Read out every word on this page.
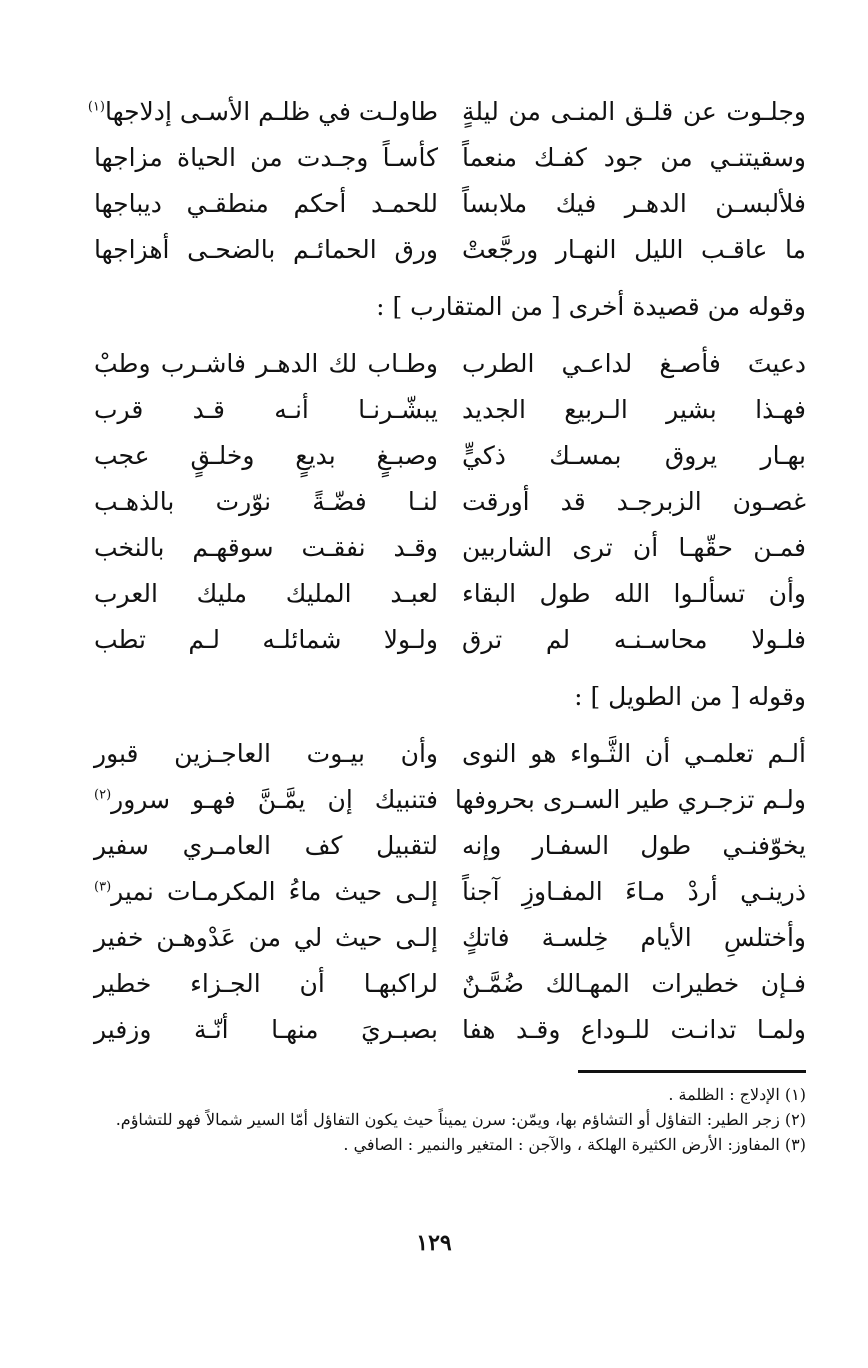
وجلـوت عن قلـق المنـى من ليلةٍ
طاولـت في ظلـم الأسـى إدلاجها$^{(١)}$
وسقيتنـي من جود كفـك منعماً
كأسـاً وجـدت من الحياة مزاجها
فلألبسـن الدهـر فيك ملابساً
للحمـد أحكم منطقـي ديباجها
ما عاقـب الليل النهـار ورجَّعتْ
ورق الحمائـم بالضحـى أهزاجها
وقوله من قصيدة أخرى [ من المتقارب ] :
دعيتَ فأصـغ لداعـي الطرب
وطـاب لك الدهـر فاشـرب وطبْ
فهـذا بشير الـربيع الجديد
يبشّـرنـا أنـه قـد قرب
بهـار يروق بمسـك ذكيٍّ
وصبـغٍ بديعٍ وخلـقٍ عجب
غصـون الزبرجـد قد أورقت
لنـا فضّـةً نوّرت بالذهـب
فمـن حقّهـا أن ترى الشاربين
وقـد نفقـت سوقهـم بالنخب
وأن تسألـوا الله طول البقاء
لعبـد المليك مليك العرب
فلـولا محاسـنـه لم ترق
ولـولا شمائلـه لـم تطب
وقوله [ من الطويل ] :
ألـم تعلمـي أن الثَّـواء هو النوى
وأن بيـوت العاجـزين قبور
ولـم تزجـري طير السـرى بحروفها
فتنبيك إن يمَّـنَّ فهـو سرور$^{(٢)}$
يخوّفنـي طول السفـار وإنه
لتقبيل كف العامـري سفير
ذرينـي أردْ مـاءَ المفـاوزِ آجناً
إلـى حيث ماءُ المكرمـات نمير$^{(٣)}$
وأختلسِ الأيام خِلسـة فاتكٍ
إلـى حيث لي من عَدْوهـن خفير
فـإن خطيرات المهـالك ضُمَّـنٌ
لراكبهـا أن الجـزاء خطير
ولمـا تدانـت للـوداع وقـد هفا
بصبـريَ منهـا أنّـة وزفير

(١) الإدلاج : الظلمة .

(٢) زجر الطير: التفاؤل أو التشاؤم بها، ويمّن: سرن يميناً حيث يكون التفاؤل أمّا السير شمالاً فهو للتشاؤم.

(٣) المفاوز: الأرض الكثيرة الهلكة ، والآجن : المتغير والنمير : الصافي .

١٢٩
